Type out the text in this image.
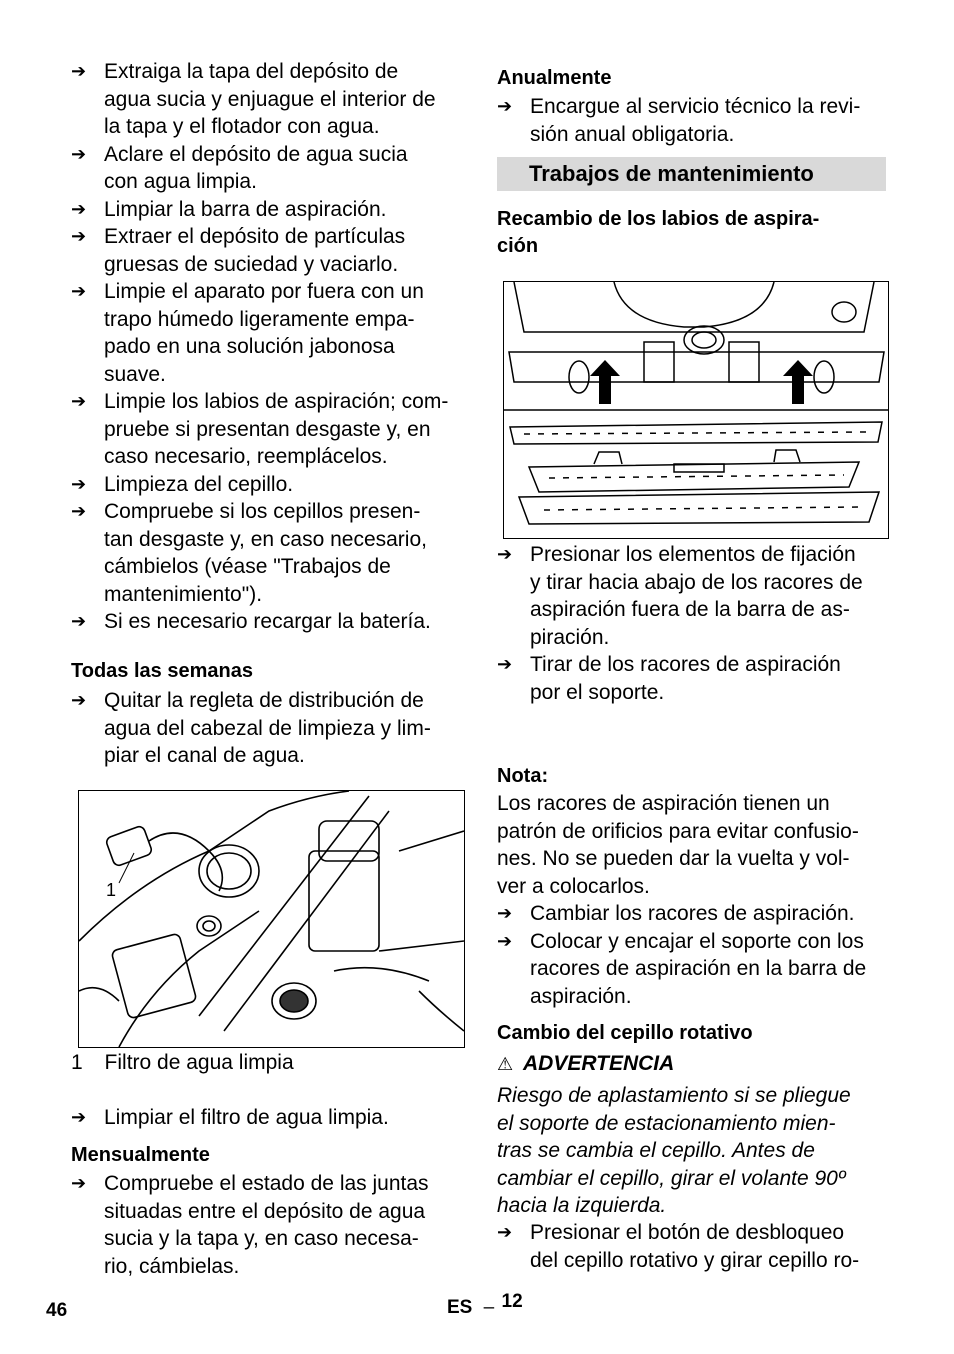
➔ Extraiga la tapa del depósito de
agua sucia y enjuague el interior de
la tapa y el flotador con agua.
➔ Aclare el depósito de agua sucia
con agua limpia.
➔ Limpiar la barra de aspiración.
➔ Extraer el depósito de partículas
gruesas de suciedad y vaciarlo.
➔ Limpie el aparato por fuera con un
trapo húmedo ligeramente empa-
pado en una solución jabonosa
suave.
➔ Limpie los labios de aspiración; com-
pruebe si presentan desgaste y, en
caso necesario, reemplácelos.
➔ Limpieza del cepillo.
➔ Compruebe si los cepillos presen-
tan desgaste y, en caso necesario,
cámbielos (véase "Trabajos de
mantenimiento").
➔ Si es necesario recargar la batería.
Todas las semanas
➔ Quitar la regleta de distribución de
agua del cabezal de limpieza y lim-
piar el canal de agua.
1
1 Filtro de agua limpia

➔ Limpiar el filtro de agua limpia.

Mensualmente
➔ Compruebe el estado de las juntas
situadas entre el depósito de agua
sucia y la tapa y, en caso necesa-
rio, cámbielas.
Anualmente
➔ Encargue al servicio técnico la revi-
sión anual obligatoria.
Trabajos de mantenimiento
Recambio de los labios de aspira-
ción
➔ Presionar los elementos de fijación
y tirar hacia abajo de los racores de
aspiración fuera de la barra de as-
piración.
➔ Tirar de los racores de aspiración
por el soporte.
Nota:
Los racores de aspiración tienen un
patrón de orificios para evitar confusio-
nes. No se pueden dar la vuelta y vol-
ver a colocarlos.
➔ Cambiar los racores de aspiración.
➔ Colocar y encajar el soporte con los
racores de aspiración en la barra de
aspiración.
Cambio del cepillo rotativo
⚠ ADVERTENCIA
Riesgo de aplastamiento si se pliegue
el soporte de estacionamiento mien-
tras se cambia el cepillo. Antes de
cambiar el cepillo, girar el volante 90º
hacia la izquierda.
➔ Presionar el botón de desbloqueo
del cepillo rotativo y girar cepillo ro-
46	ES – 12
